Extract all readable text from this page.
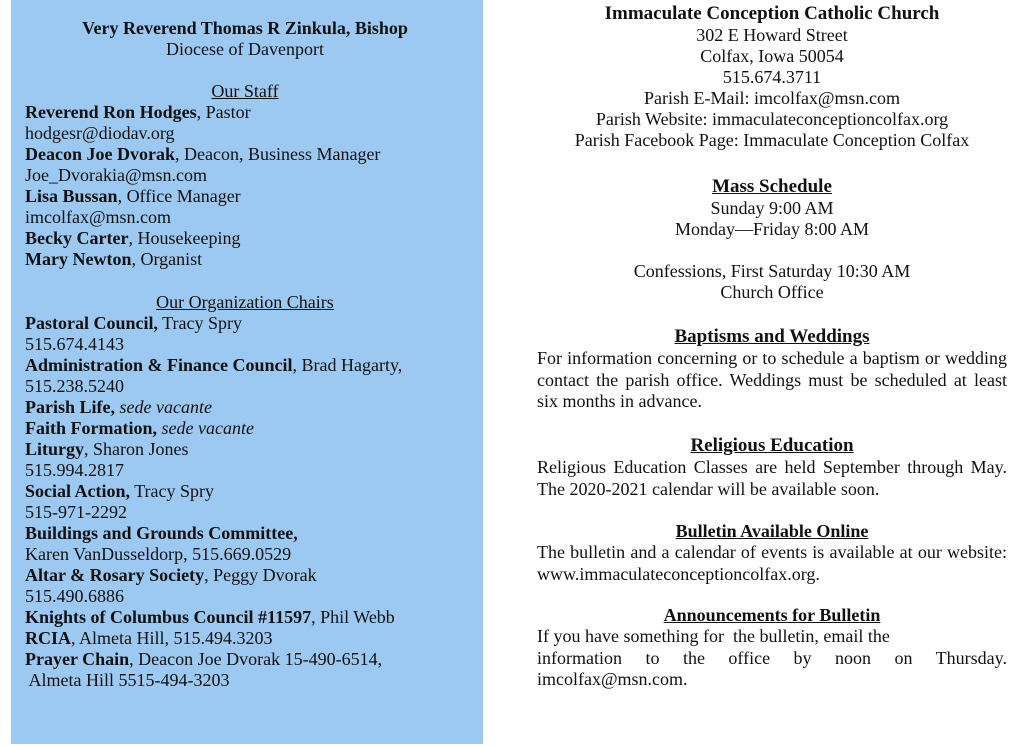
Very Reverend Thomas R Zinkula, Bishop
Diocese of Davenport
Our Staff
Reverend Ron Hodges, Pastor
hodgesr@diodav.org
Deacon Joe Dvorak, Deacon, Business Manager
Joe_Dvorakia@msn.com
Lisa Bussan, Office Manager
imcolfax@msn.com
Becky Carter, Housekeeping
Mary Newton, Organist
Our Organization Chairs
Pastoral Council, Tracy Spry
515.674.4143
Administration & Finance Council, Brad Hagarty,
515.238.5240
Parish Life, sede vacante
Faith Formation, sede vacante
Liturgy, Sharon Jones
515.994.2817
Social Action, Tracy Spry
515-971-2292
Buildings and Grounds Committee,
Karen VanDusseldorp, 515.669.0529
Altar & Rosary Society, Peggy Dvorak
515.490.6886
Knights of Columbus Council #11597, Phil Webb
RCIA, Almeta Hill, 515.494.3203
Prayer Chain, Deacon Joe Dvorak 15-490-6514,
Almeta Hill 5515-494-3203
Immaculate Conception Catholic Church
302 E Howard Street
Colfax, Iowa 50054
515.674.3711
Parish E-Mail: imcolfax@msn.com
Parish Website: immaculateconceptioncolfax.org
Parish Facebook Page: Immaculate Conception Colfax
Mass Schedule
Sunday 9:00 AM
Monday—Friday 8:00 AM
Confessions, First Saturday 10:30 AM
Church Office
Baptisms and Weddings
For information concerning or to schedule a baptism or wedding contact the parish office. Weddings must be scheduled at least six months in advance.
Religious Education
Religious Education Classes are held September through May. The 2020-2021 calendar will be available soon.
Bulletin Available Online
The bulletin and a calendar of events is available at our website: www.immaculateconceptioncolfax.org.
Announcements for Bulletin
If you have something for  the bulletin, email the
information to the office by noon on Thursday.
imcolfax@msn.com.
